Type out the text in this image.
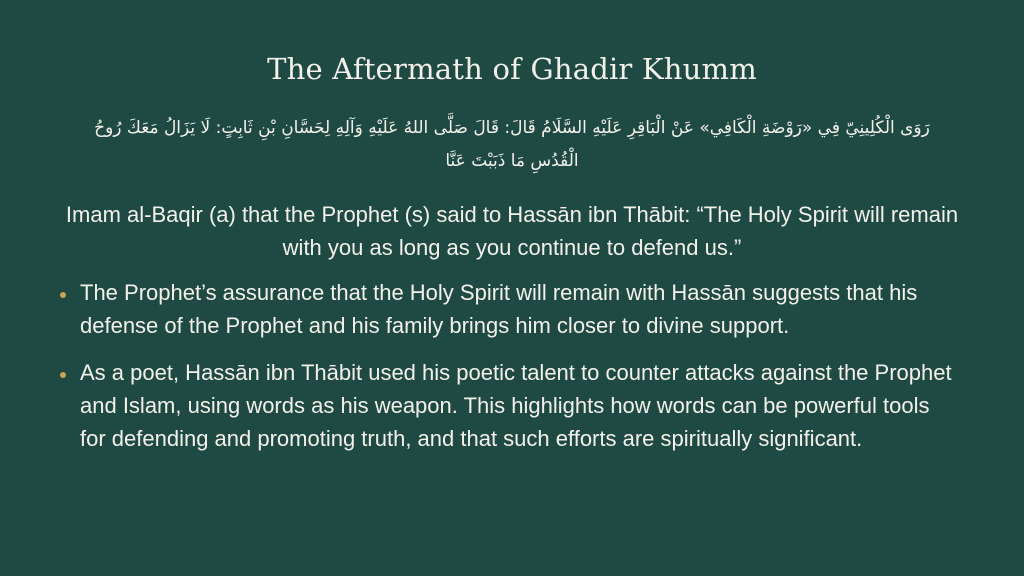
The Aftermath of Ghadir Khumm
رَوَى الْكُلِينِيّ فِي «رَوْضَةِ الْكَافِي» عَنْ الْبَاقِرِ عَلَيْهِ السَّلَامُ قَالَ: قَالَ صَلَّى اللهُ عَلَيْهِ وَآلِهِ لِحَسَّانِ بْنِ ثَابِتٍ: لَا يَزَالُ مَعَكَ رُوحُ الْقُدُسِ مَا ذَبَبْتَ عَنَّا
Imam al-Baqir (a) that the Prophet (s) said to Hassān ibn Thābit: “The Holy Spirit will remain with you as long as you continue to defend us.”
The Prophet’s assurance that the Holy Spirit will remain with Hassān suggests that his defense of the Prophet and his family brings him closer to divine support.
As a poet, Hassān ibn Thābit used his poetic talent to counter attacks against the Prophet and Islam, using words as his weapon. This highlights how words can be powerful tools for defending and promoting truth, and that such efforts are spiritually significant.
